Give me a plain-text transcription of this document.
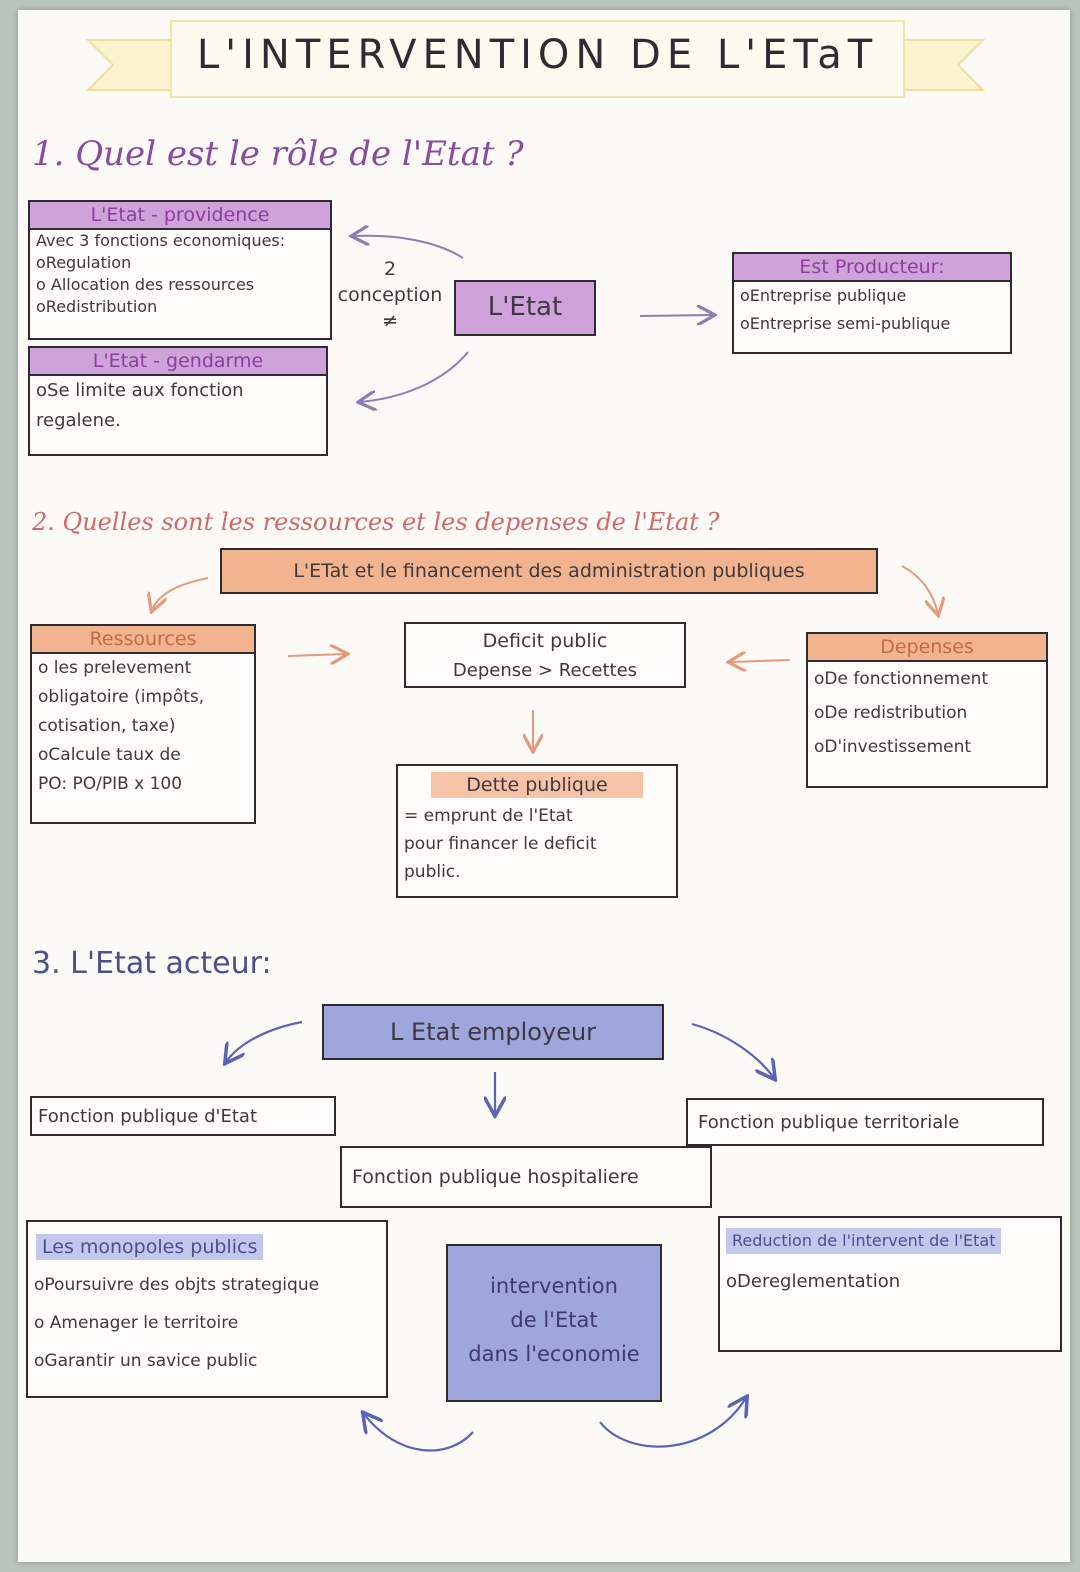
L'INTERVENTION DE L'ETaT
1. Quel est le rôle de l'Etat ?
L'Etat - providence
Avec 3 fonctions economiques:
oRegulation
o Allocation des ressources
oRedistribution
L'Etat - gendarme
oSe limite aux fonction
regalene.
2
conception
≠	L'Etat
Est Producteur:
oEntreprise publique
oEntreprise semi-publique
2. Quelles sont les ressources et les depenses de l'Etat ?
L'ETat et le financement des administration publiques
Ressources
o les prelevement
obligatoire (impôts,
cotisation, taxe)
oCalcule taux de
PO: PO/PIB x 100
Deficit public
Depense > Recettes
Depenses
oDe fonctionnement
oDe redistribution
oD'investissement
Dette publique
= emprunt de l'Etat
pour financer le deficit
public.
3. L'Etat acteur:
L Etat employeur
Fonction publique d'Etat	Fonction publique territoriale
Fonction publique hospitaliere
Les monopoles publics
oPoursuivre des objts strategique
o Amenager le territoire
oGarantir un savice public
intervention
de l'Etat
dans l'economie
Reduction de l'intervent de l'Etat
oDereglementation
